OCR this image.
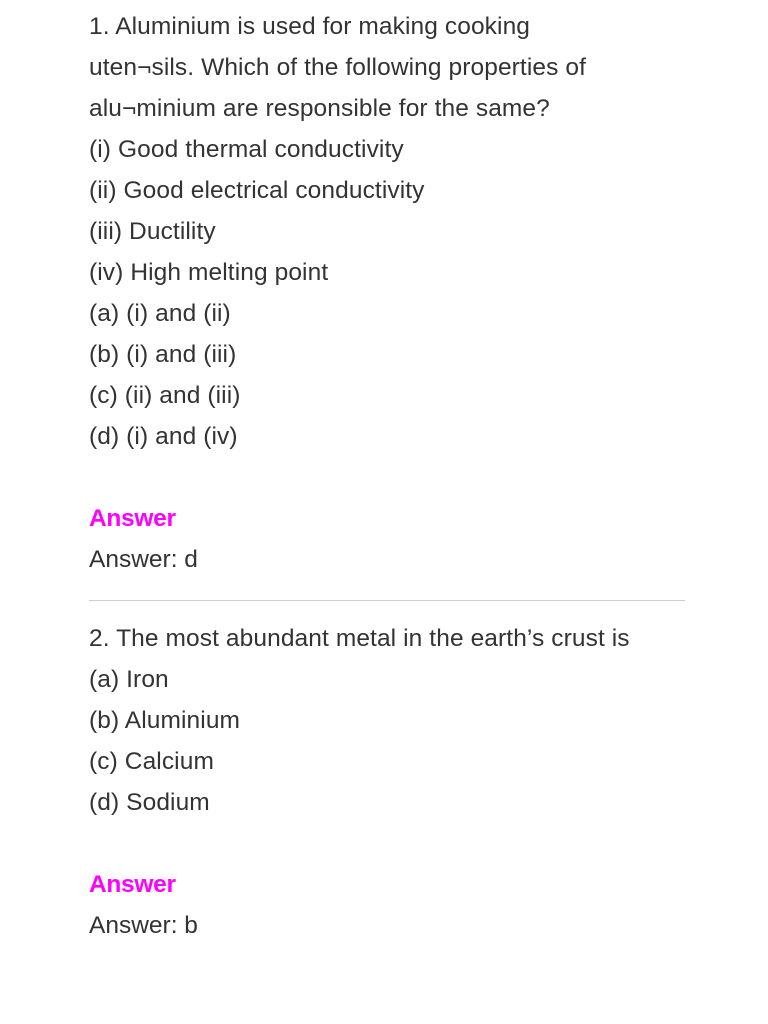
1. Aluminium is used for making cooking
uten¬sils. Which of the following properties of
alu¬minium are responsible for the same?
(i) Good thermal conductivity
(ii) Good electrical conductivity
(iii) Ductility
(iv) High melting point
(a) (i) and (ii)
(b) (i) and (iii)
(c) (ii) and (iii)
(d) (i) and (iv)
Answer
Answer: d
2. The most abundant metal in the earth’s crust is
(a) Iron
(b) Aluminium
(c) Calcium
(d) Sodium
Answer
Answer: b
